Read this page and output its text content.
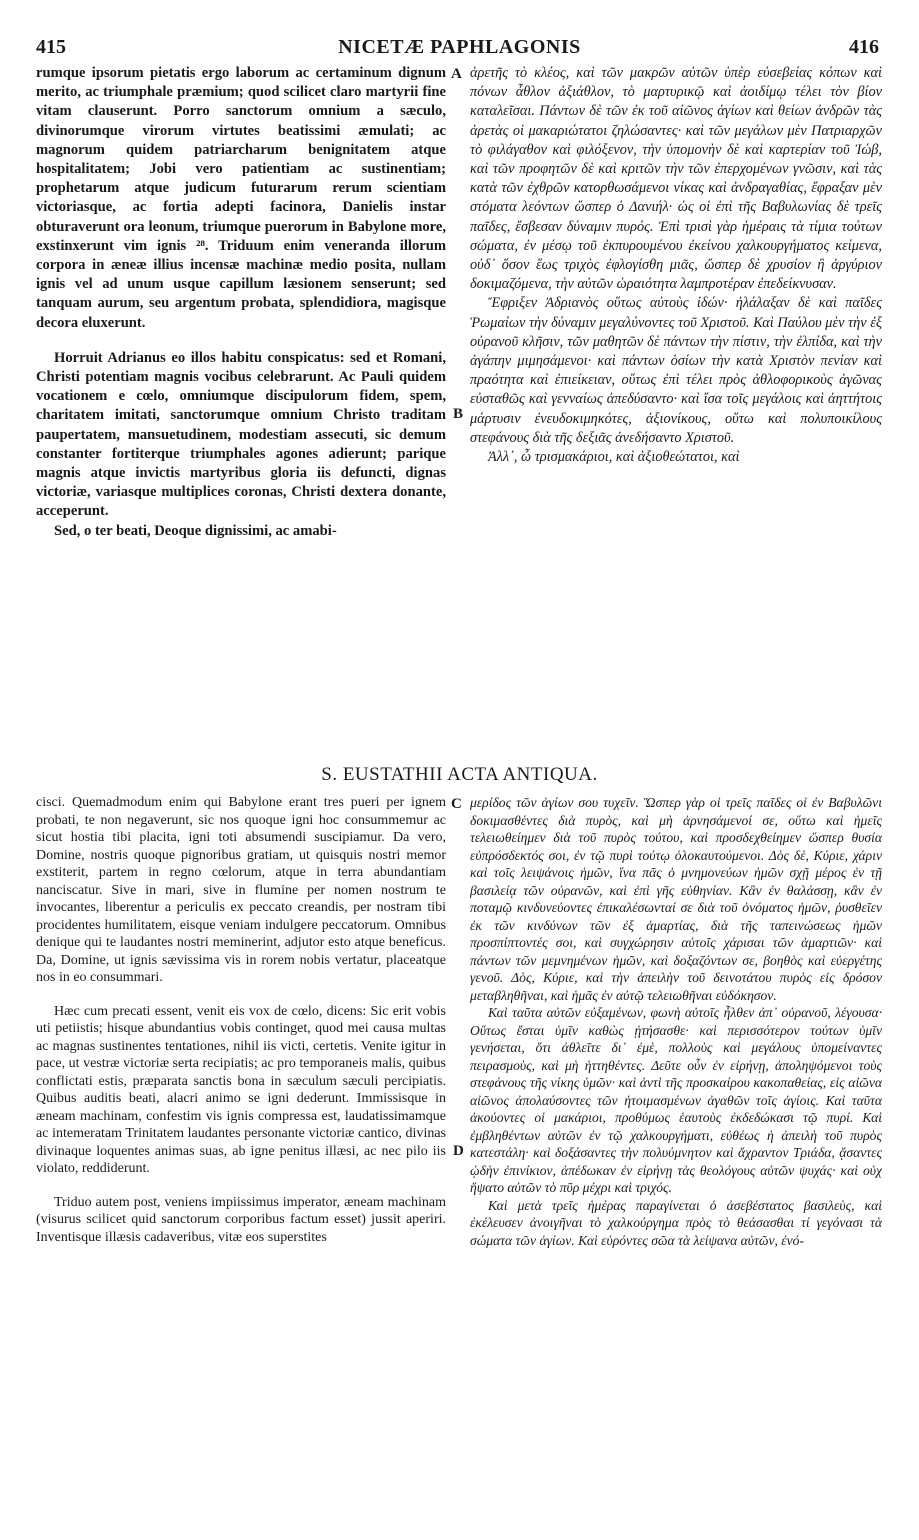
415	NICETÆ PAPHLAGONIS	416

rumque ipsorum pietatis ergo laborum ac certaminum dignum merito, ac triumphale præmium; quod scilicet claro martyrii fine vitam clauserunt. Porro sanctorum omnium a sæculo, divinorumque virorum virtutes beatissimi æmulati; ac magnorum quidem patriarcharum benignitatem atque hospitalitatem; Jobi vero patientiam ac sustinentiam; prophetarum atque judicum futurarum rerum scientiam victoriasque, ac fortia adepti facinora, Danielis instar obturaverunt ora leonum, triumque puerorum in Babylone more, exstinxerunt vim ignis ²⁸. Triduum enim veneranda illorum corpora in æneæ illius incensæ machinæ medio posita, nullam ignis vel ad unum usque capillum læsionem senserunt; sed tanquam aurum, seu argentum probata, splendidiora, magisque decora eluxerunt.

Horruit Adrianus eo illos habitu conspicatus: sed et Romani, Christi potentiam magnis vocibus celebrarunt. Ac Pauli quidem vocationem e cœlo, omniumque discipulorum fidem, spem, charitatem imitati, sanctorumque omnium Christo traditam paupertatem, mansuetudinem, modestiam assecuti, sic demum constanter fortiterque triumphales agones adierunt; parique magnis atque invictis martyribus gloria iis defuncti, dignas victoriæ, variasque multiplices coronas, Christi dextera donante, acceperunt.

Sed, o ter beati, Deoque dignissimi, ac amabi-

A
B

ἀρετῆς τὸ κλέος, καὶ τῶν μακρῶν αὐτῶν ὑπὲρ εὐσεβείας κόπων καὶ πόνων ἆθλον ἀξιάθλον, τὸ μαρτυρικῷ καὶ ἀοιδίμῳ τέλει τὸν βίον καταλεῖσαι. Πάντων δὲ τῶν ἐκ τοῦ αἰῶνος ἁγίων καὶ θείων ἀνδρῶν τὰς ἀρετὰς οἱ μακαριώτατοι ζηλώσαντες· καὶ τῶν μεγάλων μὲν Πατριαρχῶν τὸ φιλάγαθον καὶ φιλόξενον, τὴν ὑπομονὴν δὲ καὶ καρτερίαν τοῦ Ἰώβ, καὶ τῶν προφητῶν δὲ καὶ κριτῶν τὴν τῶν ἐπερχομένων γνῶσιν, καὶ τὰς κατὰ τῶν ἐχθρῶν κατορθωσάμενοι νίκας καὶ ἀνδραγαθίας, ἔφραξαν μὲν στόματα λεόντων ὥσπερ ὁ Δανιήλ· ὡς οἱ ἐπὶ τῆς Βαβυλωνίας δὲ τρεῖς παῖδες, ἔσβεσαν δύναμιν πυρός. Ἐπὶ τρισὶ γὰρ ἡμέραις τὰ τίμια τούτων σώματα, ἐν μέσῳ τοῦ ἐκπυρουμένου ἐκείνου χαλκουργήματος κείμενα, οὐδ᾽ ὅσον ἕως τριχὸς ἐφλογίσθη μιᾶς, ὥσπερ δὲ χρυσίον ἢ ἀργύριον δοκιμαζόμενα, τὴν αὐτῶν ὡραιότητα λαμπροτέραν ἐπεδείκνυσαν.

Ἔφριξεν Ἀδριανὸς οὕτως αὐτοὺς ἰδών· ἠλάλαξαν δὲ καὶ παῖδες Ῥωμαίων τὴν δύναμιν μεγαλύνοντες τοῦ Χριστοῦ. Καὶ Παύλου μὲν τὴν ἐξ οὐρανοῦ κλῆσιν, τῶν μαθητῶν δὲ πάντων τὴν πίστιν, τὴν ἐλπίδα, καὶ τὴν ἀγάπην μιμησάμενοι· καὶ πάντων ὁσίων τὴν κατὰ Χριστὸν πενίαν καὶ πραότητα καὶ ἐπιείκειαν, οὕτως ἐπὶ τέλει πρὸς ἀθλοφορικοὺς ἀγῶνας εὐσταθῶς καὶ γενναίως ἀπεδύσαντο· καὶ ἴσα τοῖς μεγάλοις καὶ ἀηττήτοις μάρτυσιν ἐνευδοκιμηκότες, ἀξιονίκους, οὕτω καὶ πολυποικίλους στεφάνους διὰ τῆς δεξιᾶς ἀνεδήσαντο Χριστοῦ.

Ἀλλ᾽, ὦ τρισμακάριοι, καὶ ἀξιοθεώτατοι, καὶ

S. EUSTATHII ACTA ANTIQUA.

cisci. Quemadmodum enim qui Babylone erant tres pueri per ignem probati, te non negaverunt, sic nos quoque igni hoc consummemur ac sicut hostia tibi placita, igni toti absumendi suscipiamur. Da vero, Domine, nostris quoque pignoribus gratiam, ut quisquis nostri memor exstiterit, partem in regno cœlorum, atque in terra abundantiam nanciscatur. Sive in mari, sive in flumine per nomen nostrum te invocantes, liberentur a periculis ex peccato creandis, per nostram tibi procidentes humilitatem, eisque veniam indulgere peccatorum. Omnibus denique qui te laudantes nostri meminerint, adjutor esto atque beneficus. Da, Domine, ut ignis sævissima vis in rorem nobis vertatur, placeatque nos in eo consummari.

Hæc cum precati essent, venit eis vox de cœlo, dicens: Sic erit vobis uti petiistis; hisque abundantius vobis continget, quod mei causa multas ac magnas sustinentes tentationes, nihil iis victi, certetis. Venite igitur in pace, ut vestræ victoriæ serta recipiatis; ac pro temporaneis malis, quibus conflictati estis, præparata sanctis bona in sæculum sæculi percipiatis. Quibus auditis beati, alacri animo se igni dederunt. Immissisque in æneam machinam, confestim vis ignis compressa est, laudatissimamque ac intemeratam Trinitatem laudantes personante victoriæ cantico, divinas divinaque loquentes animas suas, ab igne penitus illæsi, ac nec pilo iis violato, reddiderunt.

Triduo autem post, veniens impiissimus imperator, æneam machinam (visurus scilicet quid sanctorum corporibus factum esset) jussit aperiri. Inventisque illæsis cadaveribus, vitæ eos superstites

C
D

μερίδος τῶν ἁγίων σου τυχεῖν. Ὥσπερ γὰρ οἱ τρεῖς παῖδες οἱ ἐν Βαβυλῶνι δοκιμασθέντες διὰ πυρὸς, καὶ μὴ ἀρνησάμενοί σε, οὕτω καὶ ἡμεῖς τελειωθείημεν διὰ τοῦ πυρὸς τούτου, καὶ προσδεχθείημεν ὥσπερ θυσία εὐπρόσδεκτός σοι, ἐν τῷ πυρὶ τούτῳ ὁλοκαυτούμενοι. Δὸς δὲ, Κύριε, χάριν καὶ τοῖς λειψάνοις ἡμῶν, ἵνα πᾶς ὁ μνημονεύων ἡμῶν σχῇ μέρος ἐν τῇ βασιλείᾳ τῶν οὐρανῶν, καὶ ἐπὶ γῆς εὐθηνίαν. Κἂν ἐν θαλάσσῃ, κἂν ἐν ποταμῷ κινδυνεύοντες ἐπικαλέσωνταί σε διὰ τοῦ ὀνόματος ἡμῶν, ῥυσθεῖεν ἐκ τῶν κινδύνων τῶν ἐξ ἁμαρτίας, διὰ τῆς ταπεινώσεως ἡμῶν προσπίπτοντές σοι, καὶ συγχώρησιν αὐτοῖς χάρισαι τῶν ἁμαρτιῶν· καὶ πάντων τῶν μεμνημένων ἡμῶν, καὶ δοξαζόντων σε, βοηθὸς καὶ εὐεργέτης γενοῦ. Δὸς, Κύριε, καὶ τὴν ἀπειλὴν τοῦ δεινοτάτου πυρὸς εἰς δρόσον μεταβληθῆναι, καὶ ἡμᾶς ἐν αὐτῷ τελειωθῆναι εὐδόκησον.

Καὶ ταῦτα αὐτῶν εὐξαμένων, φωνὴ αὐτοῖς ἦλθεν ἀπ᾽ οὐρανοῦ, λέγουσα· Οὕτως ἔσται ὑμῖν καθὼς ᾐτήσασθε· καὶ περισσότερον τούτων ὑμῖν γενήσεται, ὅτι ἀθλεῖτε δι᾽ ἐμὲ, πολλοὺς καὶ μεγάλους ὑπομείναντες πειρασμοὺς, καὶ μὴ ἡττηθέντες. Δεῦτε οὖν ἐν εἰρήνῃ, ἀποληψόμενοι τοὺς στεφάνους τῆς νίκης ὑμῶν· καὶ ἀντὶ τῆς προσκαίρου κακοπαθείας, εἰς αἰῶνα αἰῶνος ἀπολαύσοντες τῶν ἡτοιμασμένων ἀγαθῶν τοῖς ἁγίοις. Καὶ ταῦτα ἀκούοντες οἱ μακάριοι, προθύμως ἑαυτοὺς ἐκδεδώκασι τῷ πυρί. Καὶ ἐμβληθέντων αὐτῶν ἐν τῷ χαλκουργήματι, εὐθέως ἡ ἀπειλὴ τοῦ πυρὸς κατεστάλη· καὶ δοξάσαντες τὴν πολυύμνητον καὶ ἄχραντον Τριάδα, ᾄσαντες ᾠδὴν ἐπινίκιον, ἀπέδωκαν ἐν εἰρήνῃ τὰς θεολόγους αὐτῶν ψυχάς· καὶ οὐχ ἥψατο αὐτῶν τὸ πῦρ μέχρι καὶ τριχός.

Καὶ μετὰ τρεῖς ἡμέρας παραγίνεται ὁ ἀσεβέστατος βασιλεὺς, καὶ ἐκέλευσεν ἀνοιγῆναι τὸ χαλκούργημα πρὸς τὸ θεάσασθαι τί γεγόνασι τὰ σώματα τῶν ἁγίων. Καὶ εὑρόντες σῶα τὰ λείψανα αὐτῶν, ἐνό-
